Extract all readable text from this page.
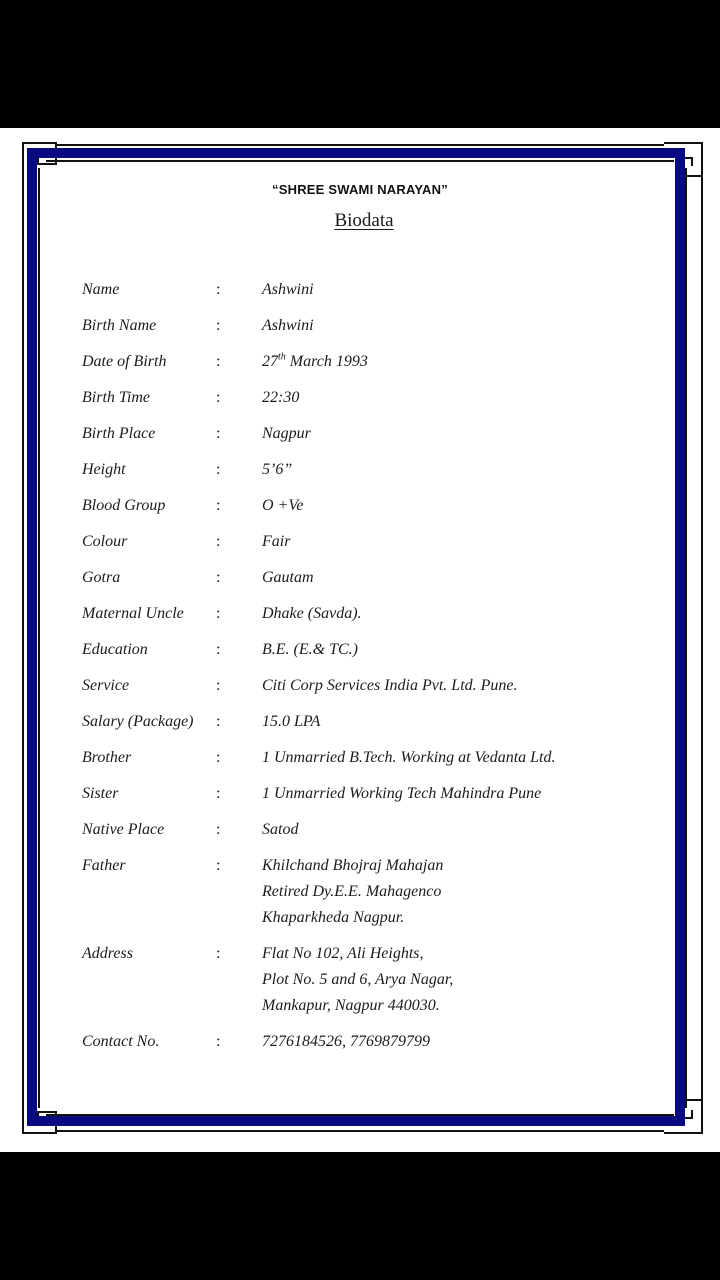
“SHREE SWAMI NARAYAN”
Biodata
Name	:	Ashwini
Birth Name	:	Ashwini
Date of Birth	:	27th March 1993
Birth Time	:	22:30
Birth Place	:	Nagpur
Height	:	5’6”
Blood Group	:	O +Ve
Colour	:	Fair
Gotra	:	Gautam
Maternal Uncle :	Dhake (Savda).
Education	:	B.E. (E.& TC.)
Service	:	Citi Corp Services India Pvt. Ltd. Pune.
Salary (Package) :	15.0 LPA
Brother	:	1 Unmarried B.Tech. Working at Vedanta Ltd.
Sister	:	1 Unmarried Working Tech Mahindra Pune
Native Place	:	Satod
Father	:	Khilchand Bhojraj Mahajan
Retired Dy.E.E. Mahagenco
Khaparkheda Nagpur.
Address	:	Flat No 102, Ali Heights,
Plot No. 5 and 6, Arya Nagar,
Mankapur, Nagpur 440030.
Contact No.	:	7276184526, 7769879799
